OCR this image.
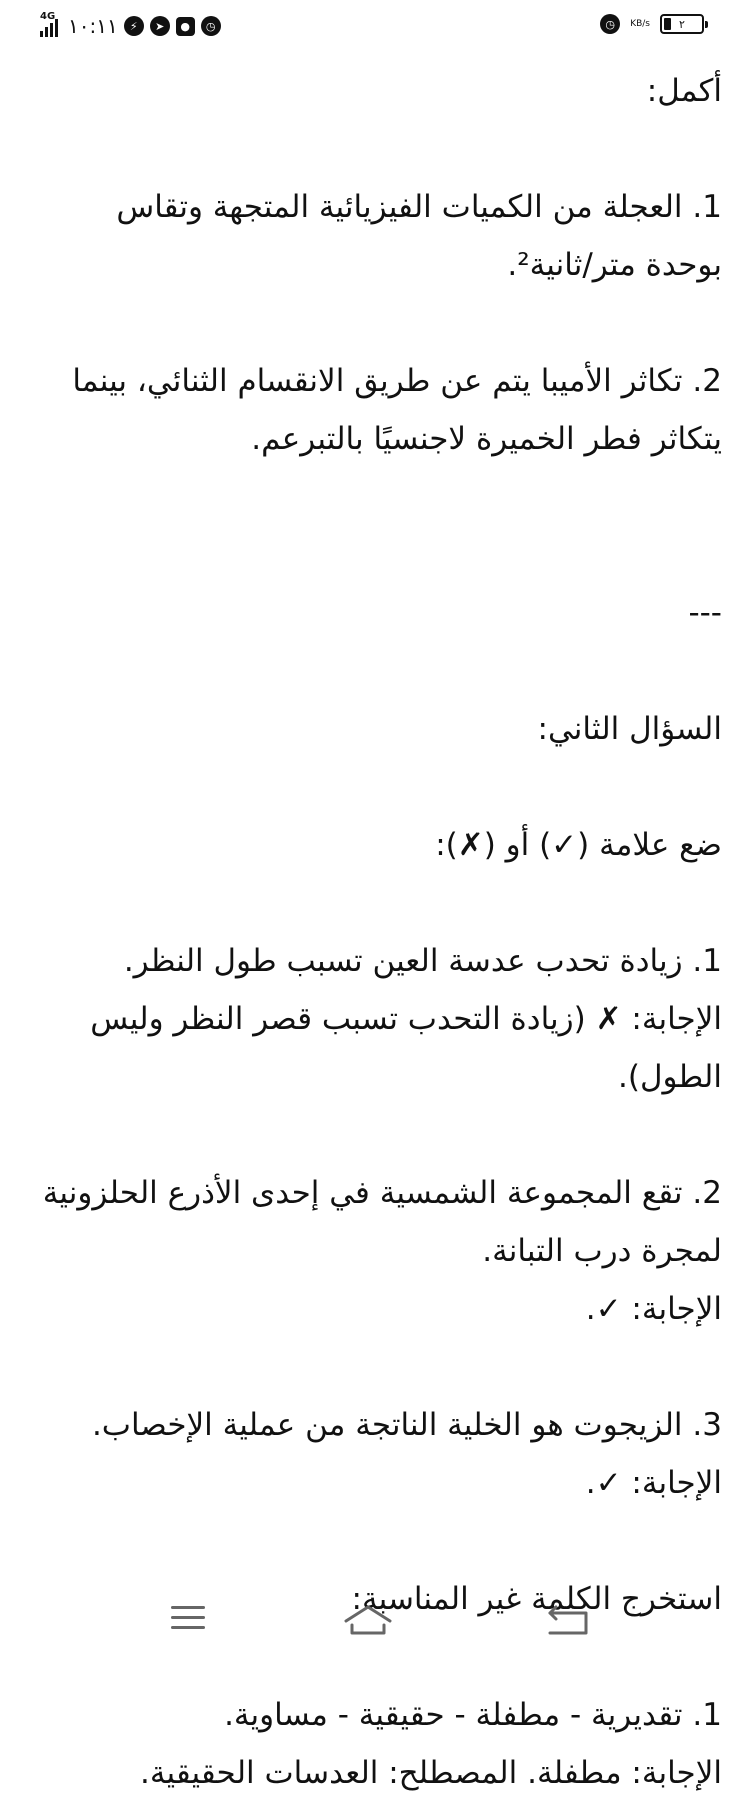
4G ١٠:١١	⚡	➤	●	◷	◷	KB/s	٢

أكمل:

1. العجلة من الكميات الفيزيائية المتجهة وتقاس بوحدة متر/ثانية².

2. تكاثر الأميبا يتم عن طريق الانقسام الثنائي، بينما يتكاثر فطر الخميرة لاجنسيًا بالتبرعم.

---

السؤال الثاني:

ضع علامة (✓) أو (✗):

1. زيادة تحدب عدسة العين تسبب طول النظر.

الإجابة: ✗ (زيادة التحدب تسبب قصر النظر وليس الطول).

2. تقع المجموعة الشمسية في إحدى الأذرع الحلزونية لمجرة درب التبانة.

الإجابة: ✓.

3. الزيجوت هو الخلية الناتجة من عملية الإخصاب.

الإجابة: ✓.

استخرج الكلمة غير المناسبة:

1. تقديرية - مطفلة - حقيقية - مساوية.

الإجابة: مطفلة. المصطلح: العدسات الحقيقية.
